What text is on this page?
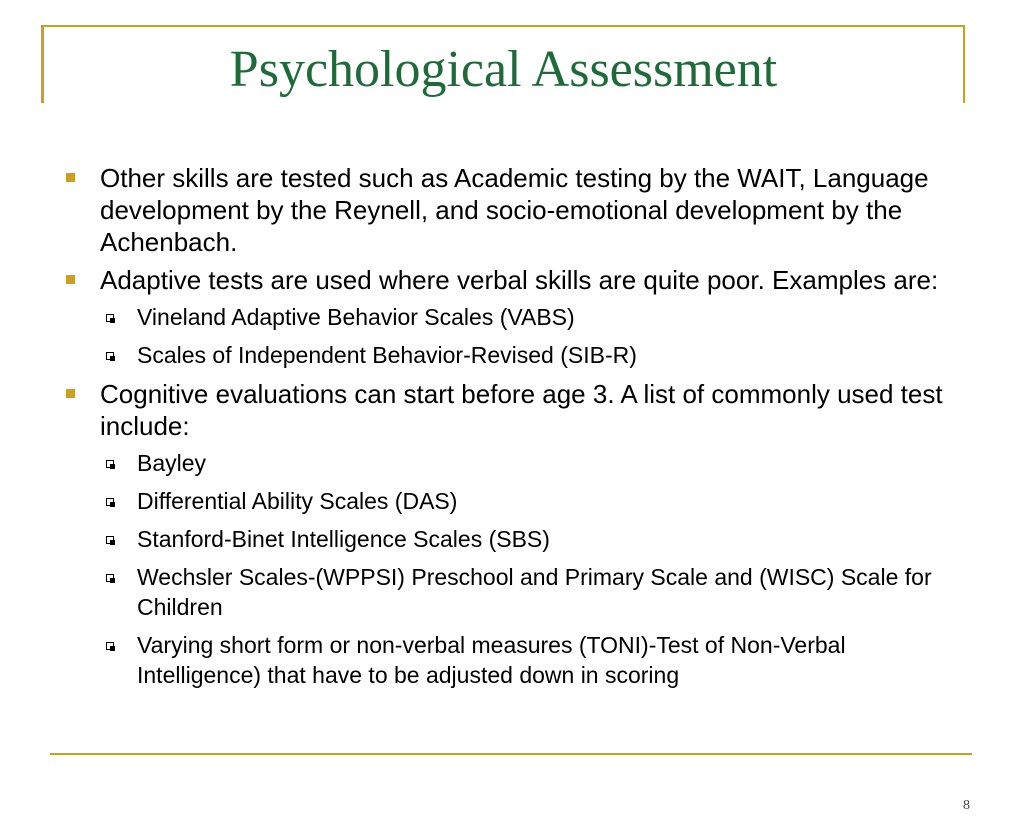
Psychological Assessment
Other skills are tested such as Academic testing by the WAIT, Language development by the Reynell, and socio-emotional development by the Achenbach.
Adaptive tests are used where verbal skills are quite poor. Examples are:
Vineland Adaptive Behavior Scales (VABS)
Scales of Independent Behavior-Revised (SIB-R)
Cognitive evaluations can start before age 3. A list of commonly used test include:
Bayley
Differential Ability Scales (DAS)
Stanford-Binet Intelligence Scales (SBS)
Wechsler Scales-(WPPSI) Preschool and Primary Scale and (WISC) Scale for Children
Varying short form or non-verbal measures (TONI)-Test of Non-Verbal Intelligence) that have to be adjusted down in scoring
8
